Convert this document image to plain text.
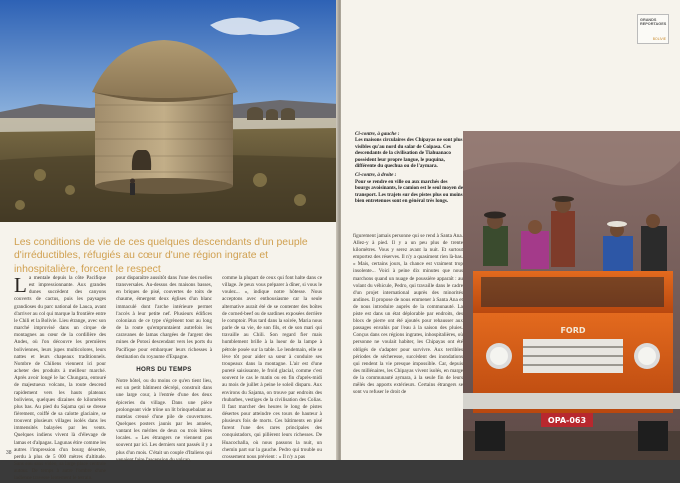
Les conditions de vie de ces quelques descendants d'un peuple d'irréductibles, réfugiés au cœur d'une région ingrate et inhospitalière, forcent le respect
La mentale depuis la côte Pacifique est impressionnante. Aux grandes dunes succèdent des canyons couverts de cactus, puis les paysages grandioses du parc national de Lauca, avant d'arriver au col qui marque la frontière entre le Chili et la Bolivie. Lieu étrange, avec son marché improvisé dans un cirque de montagnes au cœur de la cordillère des Andes, où l'on découvre les premières boliviennes, leurs jupes multicolores, leurs nattes et leurs chapeaux traditionnels. Nombre de Chiliens viennent ici pour acheter des produits à meilleur marché. Après avoir longé le lac Chungara, entouré de majestueux volcans, la route descend rapidement vers les hauts plateaux boliviens, quelques dizaines de kilomètres plus bas. Au pied du Sajama qui se dresse fièrement, coiffé de sa calotte glaciaire, se trouvent plusieurs villages isolés dans les immensités balayées par les vents. Quelques indiens vivent là d'élevage de lamas et d'alpagas. Lagunas étire comme les autres l'impression d'un bourg désertée, perdu à plus de 5 000 mètres d'altitude. Sans eau sans vidéo, sa large place centrale autour. De temps à autre l'ombre d'une indienne traverse lentement le terrain.
pour disparaître aussitôt dans l'une des ruelles transversales. Au-dessus des maisons basses, en briques de pisé, couvertes de toits de chaume, émergent deux églises d'un blanc immaculé dont l'arche intérieure permet l'accès à leur petite nef. Plusieurs édifices coloniaux de ce type s'égrènent tout au long de la route qu'empruntaient autrefois les caravanes de lamas chargées de l'argent des mines de Potosí descendant vers les ports du Pacifique pour embarquer leurs richesses à destination du royaume d'Espagne.
HORS DU TEMPS
Notre hôtel, ou du moins ce qu'en tient lieu, est un petit bâtiment décrépi, construit dans une large cour, à l'entrée d'une des deux épiceries du village. Dans une pièce prolongeant vide trône un lit brinquebalant au matelas creusé d'une pile de couvertures. Quelques posters jaunis par les années, vantant les mérites de deux ou trois bières locales. « Les étrangers ne viennent pas souvent par ici. Les derniers sont passés il y a plus d'un mois. C'était un couple d'Italiens qui venaient faire l'ascension du volcan,
comme la plupart de ceux qui font halte dans ce village. Je peux vous préparer à dîner, si vous le voulez... », indique notre hôtesse. Nous acceptons avec enthousiasme car la seule alternative aurait été de se contenter des boîtes de corned-beef ou de sardines exposées derrière le comptoir. Plus tard dans la soirée, Maria nous parle de sa vie, de son fils, et de son mari qui travaille au Chili. Son regard fier mais humblement brille à la lueur de la lampe à pétrole posée sur la table. Le lendemain, elle se lève tôt pour aider sa sœur à conduire ses troupeaux dans la montagne. L'air est d'une pureté saisissante, le froid glacial, comme c'est souvent le cas le matin ou en fin d'après-midi au mois de juillet à peine le soleil disparu. Aux environs du Sajama, on trouve par endroits des rhubarbes, vestiges de la civilisation des Colias. Il faut marcher des heures le long de pistes désertes pour atteindre ces tours de hauteur à plusieurs fois de morts. Ces bâtiments en pisé furent l'une des rares principales des conquistadors, qui pillèrent leurs richesses. De Huacochalla, où nous passons la nuit, un chemin part sur la gauche. Pedro qui trouble ou crossement nous prévient : « Il n'y a pas
38
GRANDS
REPORTAGES
BOLIVIE

Ci-contre, à gauche :
Les maisons circulaires des Chipayas ne sont plus visibles qu'au nord du salar de Coipasa. Ces descendants de la civilisation de Tiahuanaco possèdent leur propre langue, le puquina, différente du quechua ou de l'aymara.

Ci-contre, à droite :
Pour se rendre en ville ou aux marchés des bourgs avoisinants, le camion est le seul moyen de transport. Les trajets sur des pistes plus ou moins bien entretenues sont en général très longs.

figurement jamais personne qui se rend à Santa Ana. Allez-y à pied. Il y a un peu plus de trente kilomètres. Vous y serez avant la nuit. Et surtout emportez des réserves. Il n'y a quasiment rien là-bas. » Mais, certains jours, la chance est vraiment trop insolente... Voici à peine dix minutes que nous marchons quand un nuage de poussière apparaît : au volant du véhicule, Pedro, qui travaille dans le cadre d'un projet international auprès des minorités andines. Il propose de nous emmener à Santa Ana et de nous introduire auprès de la communauté. La piste est dans un état déplorable par endroits, des blocs de pierre ont été ajoutés pour rehausser aux passages envahis par l'eau à la saison des pluies. Conçus dans ces régions ingrates, inhospitalières, où personne ne voulait habiter, les Chipayas ont été obligés de s'adapter pour survivre. Aux terribles périodes de sécheresse, succèdent des inondations qui rendent la vie presque impossible. Car, depuis des millénaires, les Chipayas vivent isolés, en marge de la communauté aymara, à la seule fin de leurs mêlés des apports extérieurs. Certains étrangers se sont vu refuser le droit de

FORD
OPA-063
